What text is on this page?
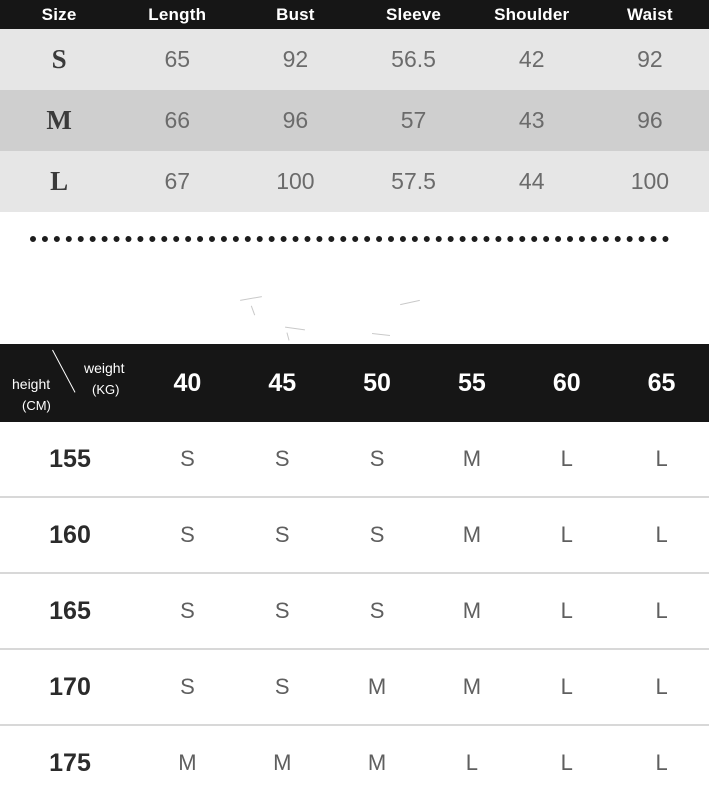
Size	Length	Bust	Sleeve	Shoulder	Waist
S	65	92	56.5	42	92
M	66	96	57	43	96
L	67	100	57.5	44	100
height
(CM)
weight
(KG)	40	45	50	55	60	65
155	S	S	S	M	L	L
160	S	S	S	M	L	L
165	S	S	S	M	L	L
170	S	S	M	M	L	L
175	M	M	M	L	L	L
